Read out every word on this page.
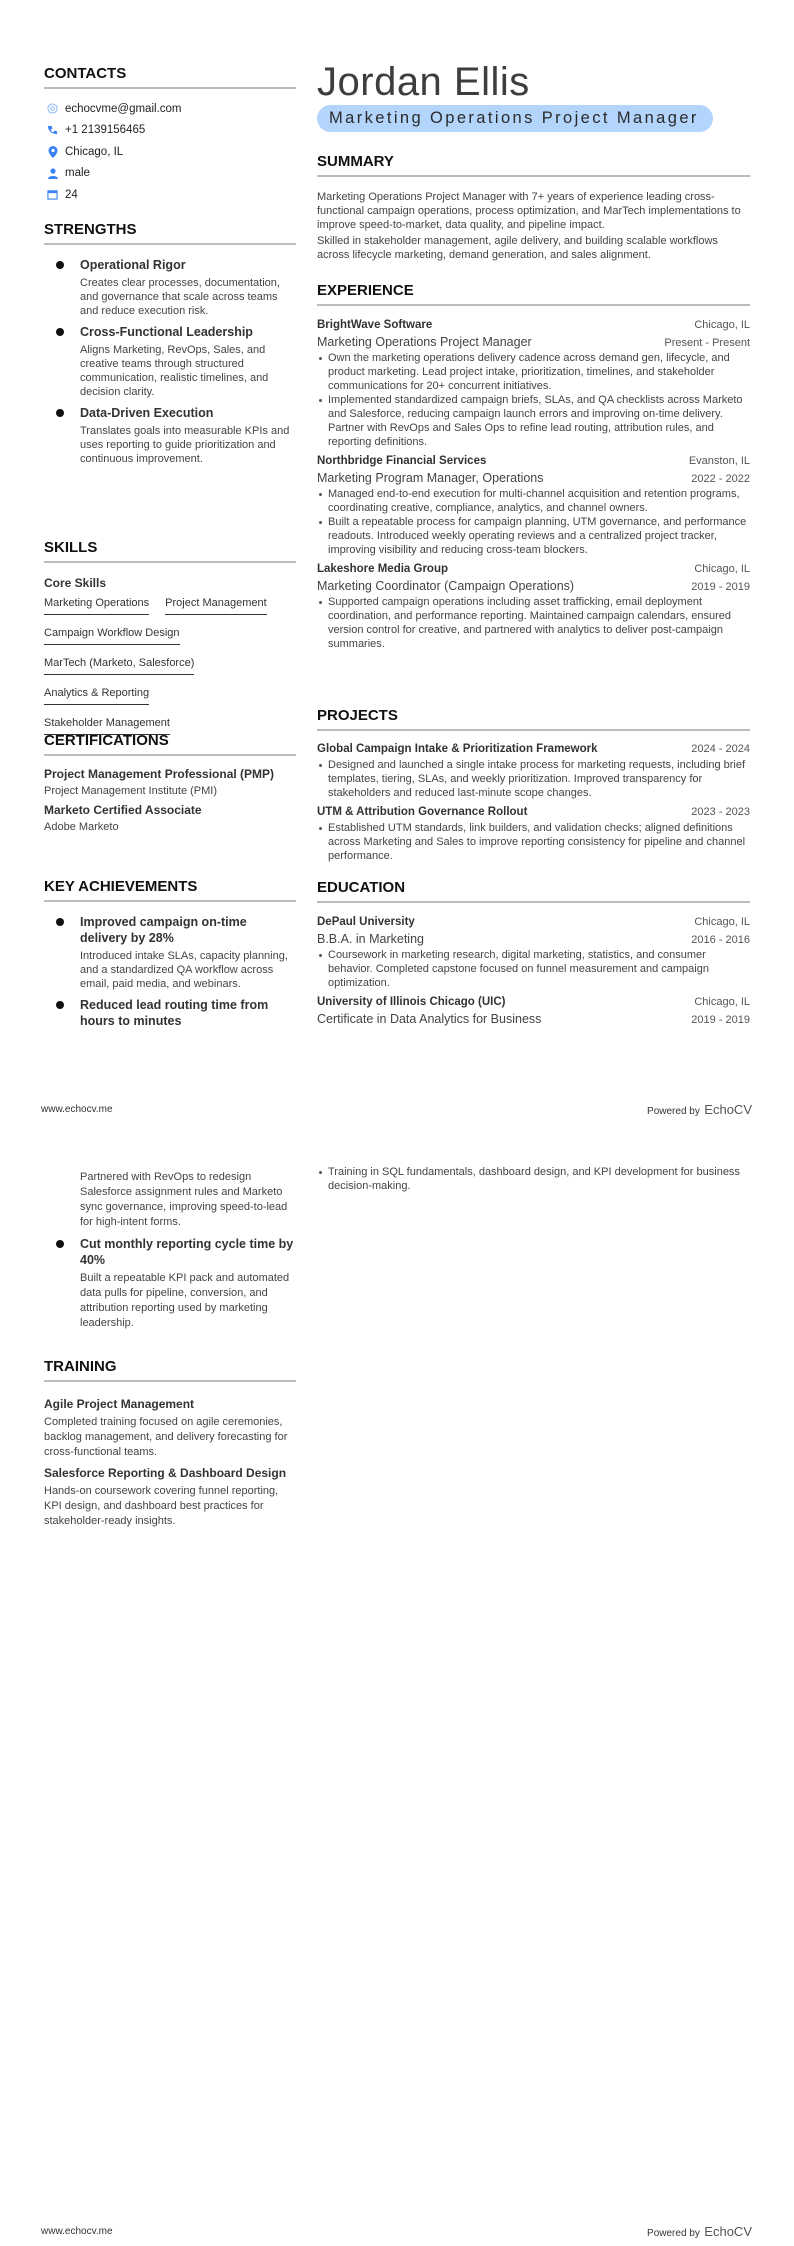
CONTACTS
echocvme@gmail.com
+1 2139156465
Chicago, IL
male
24
STRENGTHS
Operational Rigor
Creates clear processes, documentation, and governance that scale across teams and reduce execution risk.
Cross-Functional Leadership
Aligns Marketing, RevOps, Sales, and creative teams through structured communication, realistic timelines, and decision clarity.
Data-Driven Execution
Translates goals into measurable KPIs and uses reporting to guide prioritization and continuous improvement.
SKILLS
Core Skills
Marketing Operations Project Management
Campaign Workflow Design
MarTech (Marketo, Salesforce)
Analytics & Reporting
Stakeholder Management
CERTIFICATIONS
Project Management Professional (PMP)
Project Management Institute (PMI)
Marketo Certified Associate
Adobe Marketo
KEY ACHIEVEMENTS
Improved campaign on-time delivery by 28%
Introduced intake SLAs, capacity planning, and a standardized QA workflow across email, paid media, and webinars.
Reduced lead routing time from hours to minutes
Jordan Ellis
Marketing Operations Project Manager
SUMMARY
Marketing Operations Project Manager with 7+ years of experience leading cross-functional campaign operations, process optimization, and MarTech implementations to improve speed-to-market, data quality, and pipeline impact.
Skilled in stakeholder management, agile delivery, and building scalable workflows across lifecycle marketing, demand generation, and sales alignment.
EXPERIENCE
BrightWave Software	Chicago, IL
Marketing Operations Project Manager	Present - Present
Own the marketing operations delivery cadence across demand gen, lifecycle, and product marketing. Lead project intake, prioritization, timelines, and stakeholder communications for 20+ concurrent initiatives.
Implemented standardized campaign briefs, SLAs, and QA checklists across Marketo and Salesforce, reducing campaign launch errors and improving on-time delivery. Partner with RevOps and Sales Ops to refine lead routing, attribution rules, and reporting definitions.
Northbridge Financial Services	Evanston, IL
Marketing Program Manager, Operations	2022 - 2022
Managed end-to-end execution for multi-channel acquisition and retention programs, coordinating creative, compliance, analytics, and channel owners.
Built a repeatable process for campaign planning, UTM governance, and performance readouts. Introduced weekly operating reviews and a centralized project tracker, improving visibility and reducing cross-team blockers.
Lakeshore Media Group	Chicago, IL
Marketing Coordinator (Campaign Operations)	2019 - 2019
Supported campaign operations including asset trafficking, email deployment coordination, and performance reporting. Maintained campaign calendars, ensured version control for creative, and partnered with analytics to deliver post-campaign summaries.
PROJECTS
Global Campaign Intake & Prioritization Framework	2024 - 2024
Designed and launched a single intake process for marketing requests, including brief templates, tiering, SLAs, and weekly prioritization. Improved transparency for stakeholders and reduced last-minute scope changes.
UTM & Attribution Governance Rollout	2023 - 2023
Established UTM standards, link builders, and validation checks; aligned definitions across Marketing and Sales to improve reporting consistency for pipeline and channel performance.
EDUCATION
DePaul University	Chicago, IL
B.B.A. in Marketing	2016 - 2016
Coursework in marketing research, digital marketing, statistics, and consumer behavior. Completed capstone focused on funnel measurement and campaign optimization.
University of Illinois Chicago (UIC)	Chicago, IL
Certificate in Data Analytics for Business	2019 - 2019
www.echocv.me	Powered by EchoCV
Partnered with RevOps to redesign Salesforce assignment rules and Marketo sync governance, improving speed-to-lead for high-intent forms.
Cut monthly reporting cycle time by 40%
Built a repeatable KPI pack and automated data pulls for pipeline, conversion, and attribution reporting used by marketing leadership.
TRAINING
Agile Project Management
Completed training focused on agile ceremonies, backlog management, and delivery forecasting for cross-functional teams.
Salesforce Reporting & Dashboard Design
Hands-on coursework covering funnel reporting, KPI design, and dashboard best practices for stakeholder-ready insights.
Training in SQL fundamentals, dashboard design, and KPI development for business decision-making.
www.echocv.me	Powered by EchoCV
